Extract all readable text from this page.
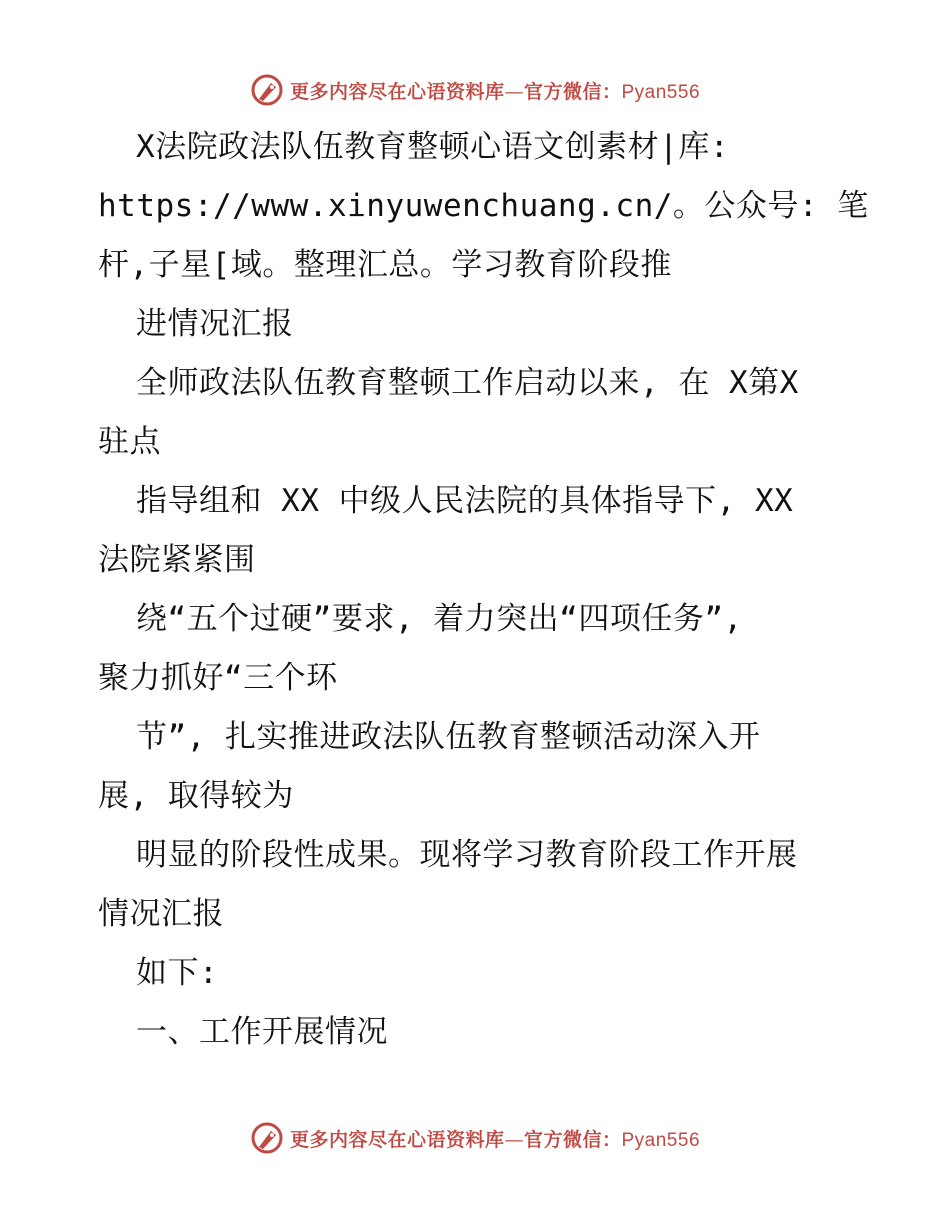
更多内容尽在心语资料库—官方微信：Pyan556
X法院政法队伍教育整顿心语文创素材|库:
https://www.xinyuwenchuang.cn/。公众号: 笔
杆,子星[域。整理汇总。学习教育阶段推
进情况汇报
全师政法队伍教育整顿工作启动以来, 在 X第X
驻点
指导组和 XX 中级人民法院的具体指导下, XX
法院紧紧围
绕“五个过硬”要求, 着力突出“四项任务”,
聚力抓好“三个环
节”, 扎实推进政法队伍教育整顿活动深入开
展, 取得较为
明显的阶段性成果。现将学习教育阶段工作开展
情况汇报
如下:
一、工作开展情况
更多内容尽在心语资料库—官方微信：Pyan556
